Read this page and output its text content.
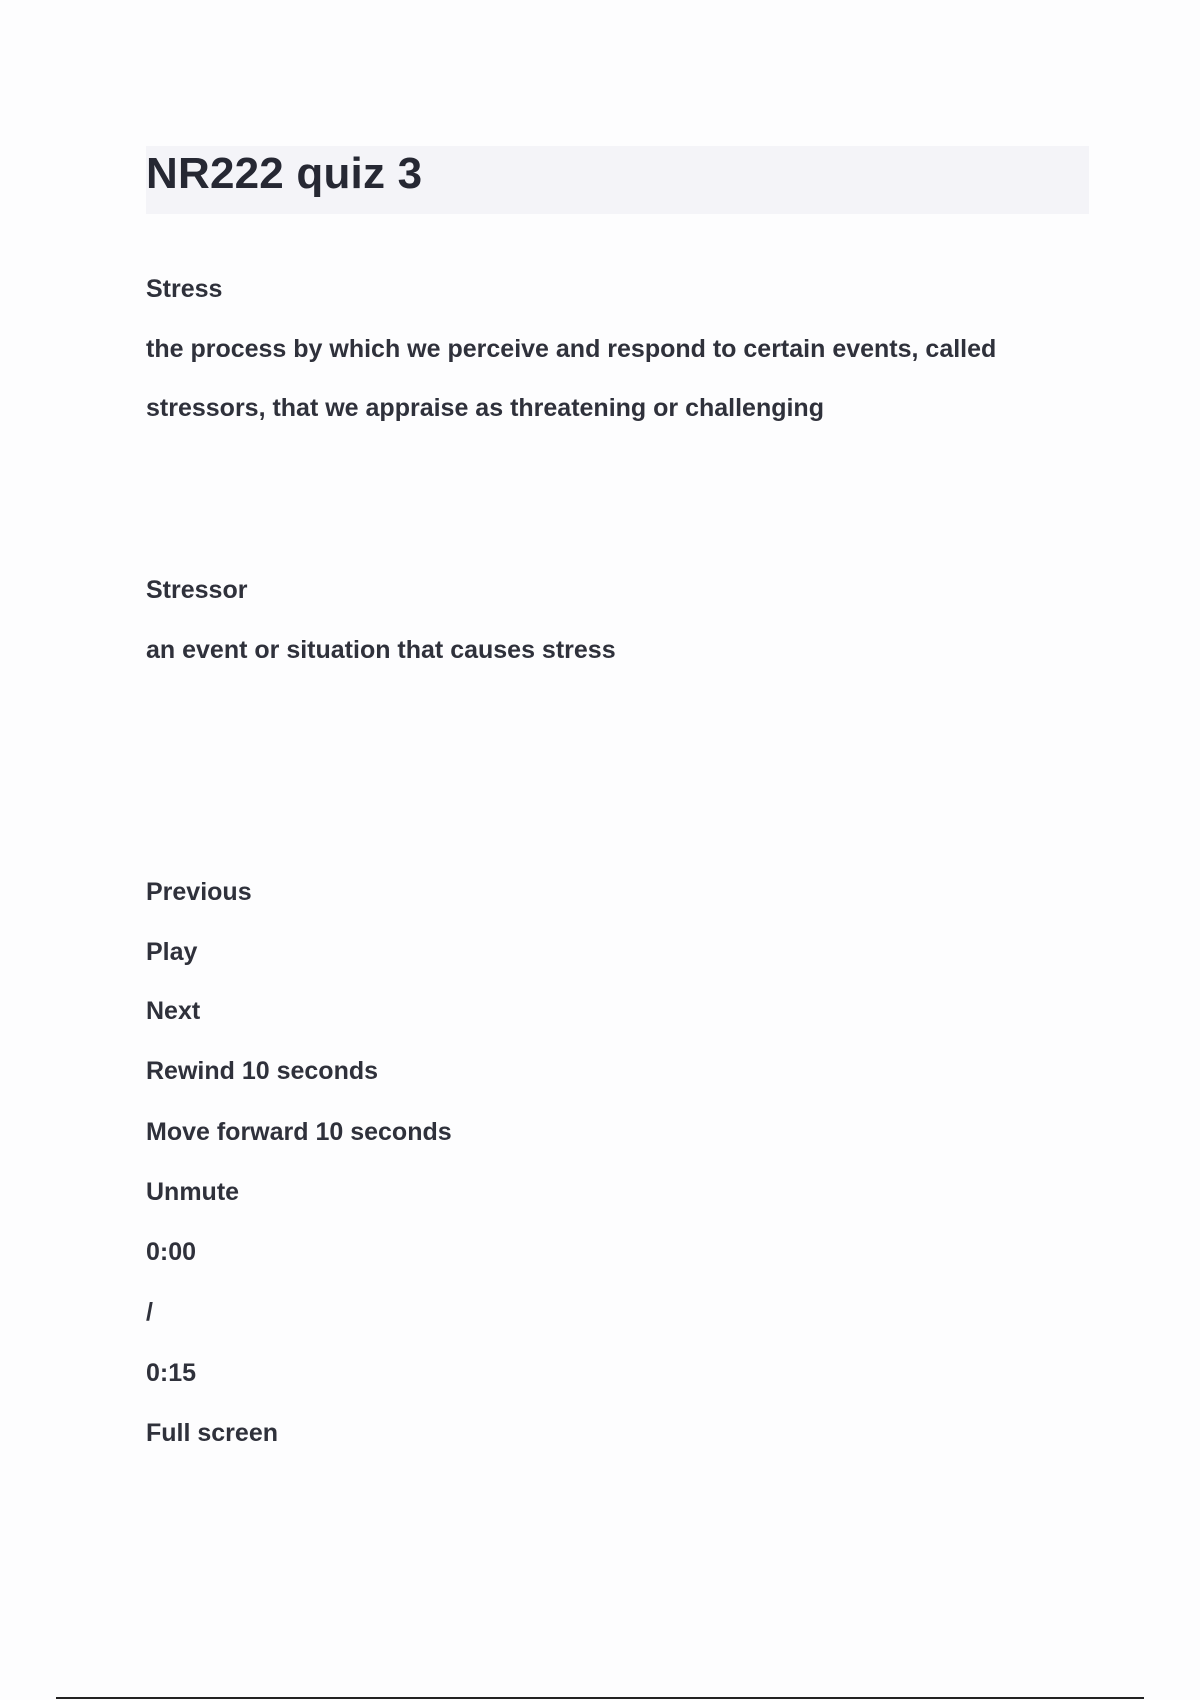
NR222 quiz 3

Stress

the process by which we perceive and respond to certain events, called

stressors, that we appraise as threatening or challenging

Stressor

an event or situation that causes stress

Previous

Play

Next

Rewind 10 seconds

Move forward 10 seconds

Unmute

0:00

/

0:15

Full screen
